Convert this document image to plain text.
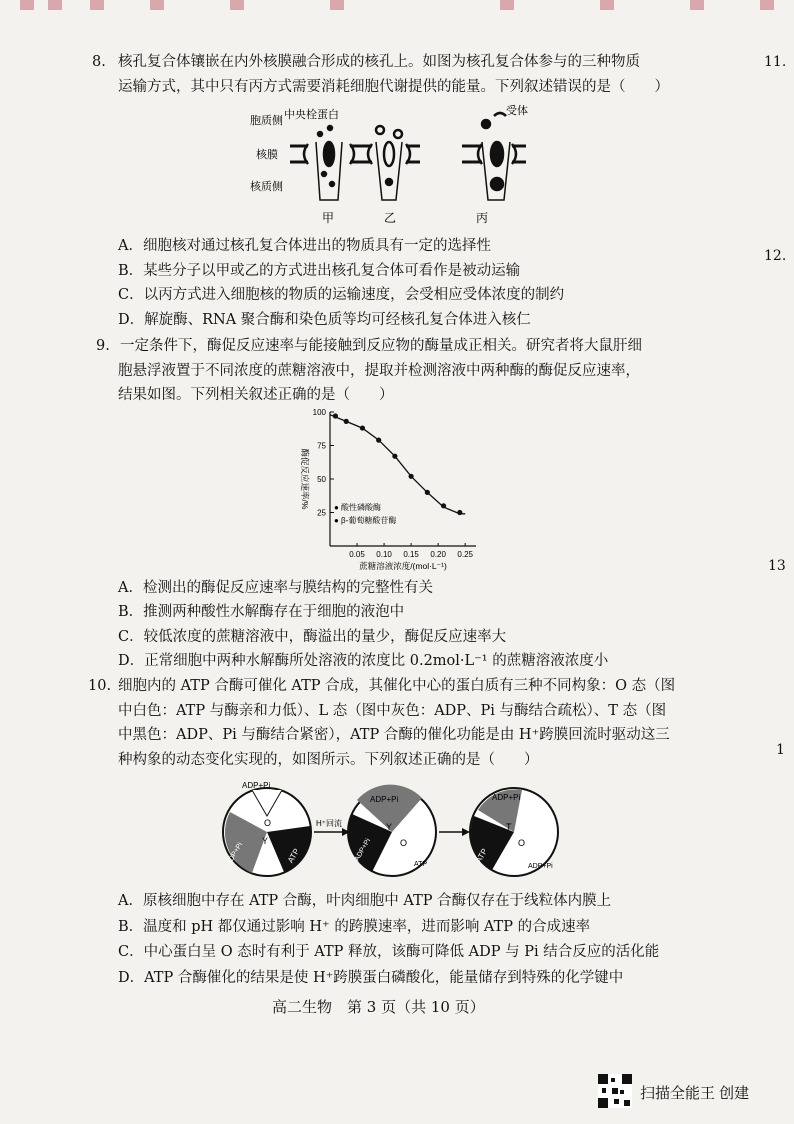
11.
12.
13
1
8. 核孔复合体镶嵌在内外核膜融合形成的核孔上。如图为核孔复合体参与的三种物质
运输方式，其中只有丙方式需要消耗细胞代谢提供的能量。下列叙述错误的是（　　）
胞质侧 中央栓蛋白
核膜
核质侧
受体
甲	乙	丙
A．细胞核对通过核孔复合体进出的物质具有一定的选择性
B．某些分子以甲或乙的方式进出核孔复合体可看作是被动运输
C．以丙方式进入细胞核的物质的运输速度，会受相应受体浓度的制约
D．解旋酶、RNA 聚合酶和染色质等均可经核孔复合体进入核仁
9. 一定条件下，酶促反应速率与能接触到反应物的酶量成正相关。研究者将大鼠肝细
胞悬浮液置于不同浓度的蔗糖溶液中，提取并检测溶液中两种酶的酶促反应速率，
结果如图。下列相关叙述正确的是（　　）
100
75
50
25
0.05 0.10 0.15 0.20 0.25
蔗糖溶液浓度/(mol·L⁻¹)
酶促反应速率/%	● 酸性磷酸酶
● β-葡萄糖酸苷酶
A．检测出的酶促反应速率与膜结构的完整性有关
B．推测两种酸性水解酶存在于细胞的液泡中
C．较低浓度的蔗糖溶液中，酶溢出的量少，酶促反应速率大
D．正常细胞中两种水解酶所处溶液的浓度比 0.2mol·L⁻¹ 的蔗糖溶液浓度小
10. 细胞内的 ATP 合酶可催化 ATP 合成，其催化中心的蛋白质有三种不同构象：O 态（图
中白色：ATP 与酶亲和力低）、L 态（图中灰色：ADP、Pi 与酶结合疏松）、T 态（图
中黑色：ADP、Pi 与酶结合紧密），ATP 合酶的催化功能是由 H⁺跨膜回流时驱动这三
种构象的动态变化实现的，如图所示。下列叙述正确的是（　　）
ADP+Pi
O
Y
ADP+Pi	ATP
H⁺回流
ADP+Pi
Y
O
ADP+Pi
ATP
ADP+Pi
T
O
ATP
ADP+Pi
A．原核细胞中存在 ATP 合酶，叶肉细胞中 ATP 合酶仅存在于线粒体内膜上
B．温度和 pH 都仅通过影响 H⁺ 的跨膜速率，进而影响 ATP 的合成速率
C．中心蛋白呈 O 态时有利于 ATP 释放，该酶可降低 ADP 与 Pi 结合反应的活化能
D．ATP 合酶催化的结果是使 H⁺跨膜蛋白磷酸化，能量储存到特殊的化学键中
高二生物　第 3 页（共 10 页）
扫描全能王 创建
